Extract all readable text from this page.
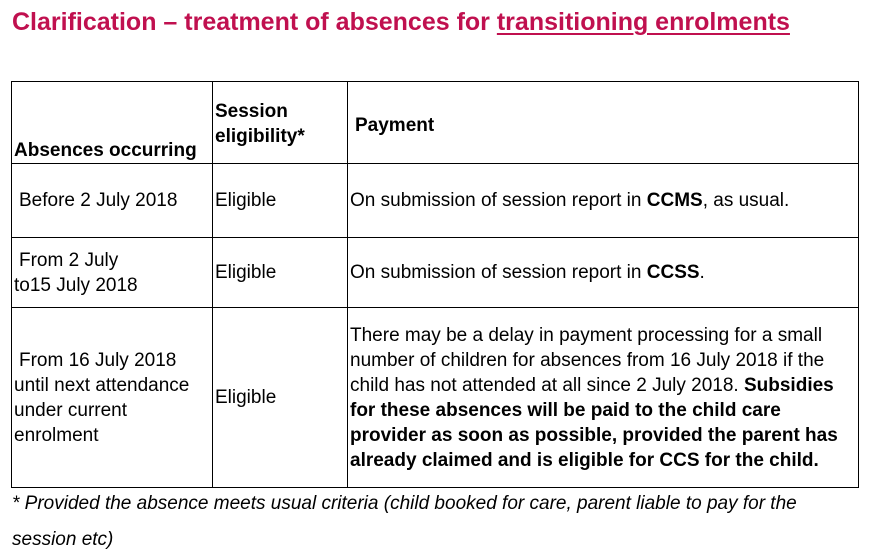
Clarification – treatment of absences for transitioning enrolments
Absences occurring	Session eligibility*	Payment
Before 2 July 2018	Eligible	On submission of session report in CCMS, as usual.
From 2 July
to15 July 2018	Eligible	On submission of session report in CCSS.
From 16 July 2018
until next attendance under current enrolment	Eligible	There may be a delay in payment processing for a small number of children for absences from 16 July 2018 if the child has not attended at all since 2 July 2018. Subsidies for these absences will be paid to the child care provider as soon as possible, provided the parent has already claimed and is eligible for CCS for the child.

* Provided the absence meets usual criteria (child booked for care, parent liable to pay for the session etc)
